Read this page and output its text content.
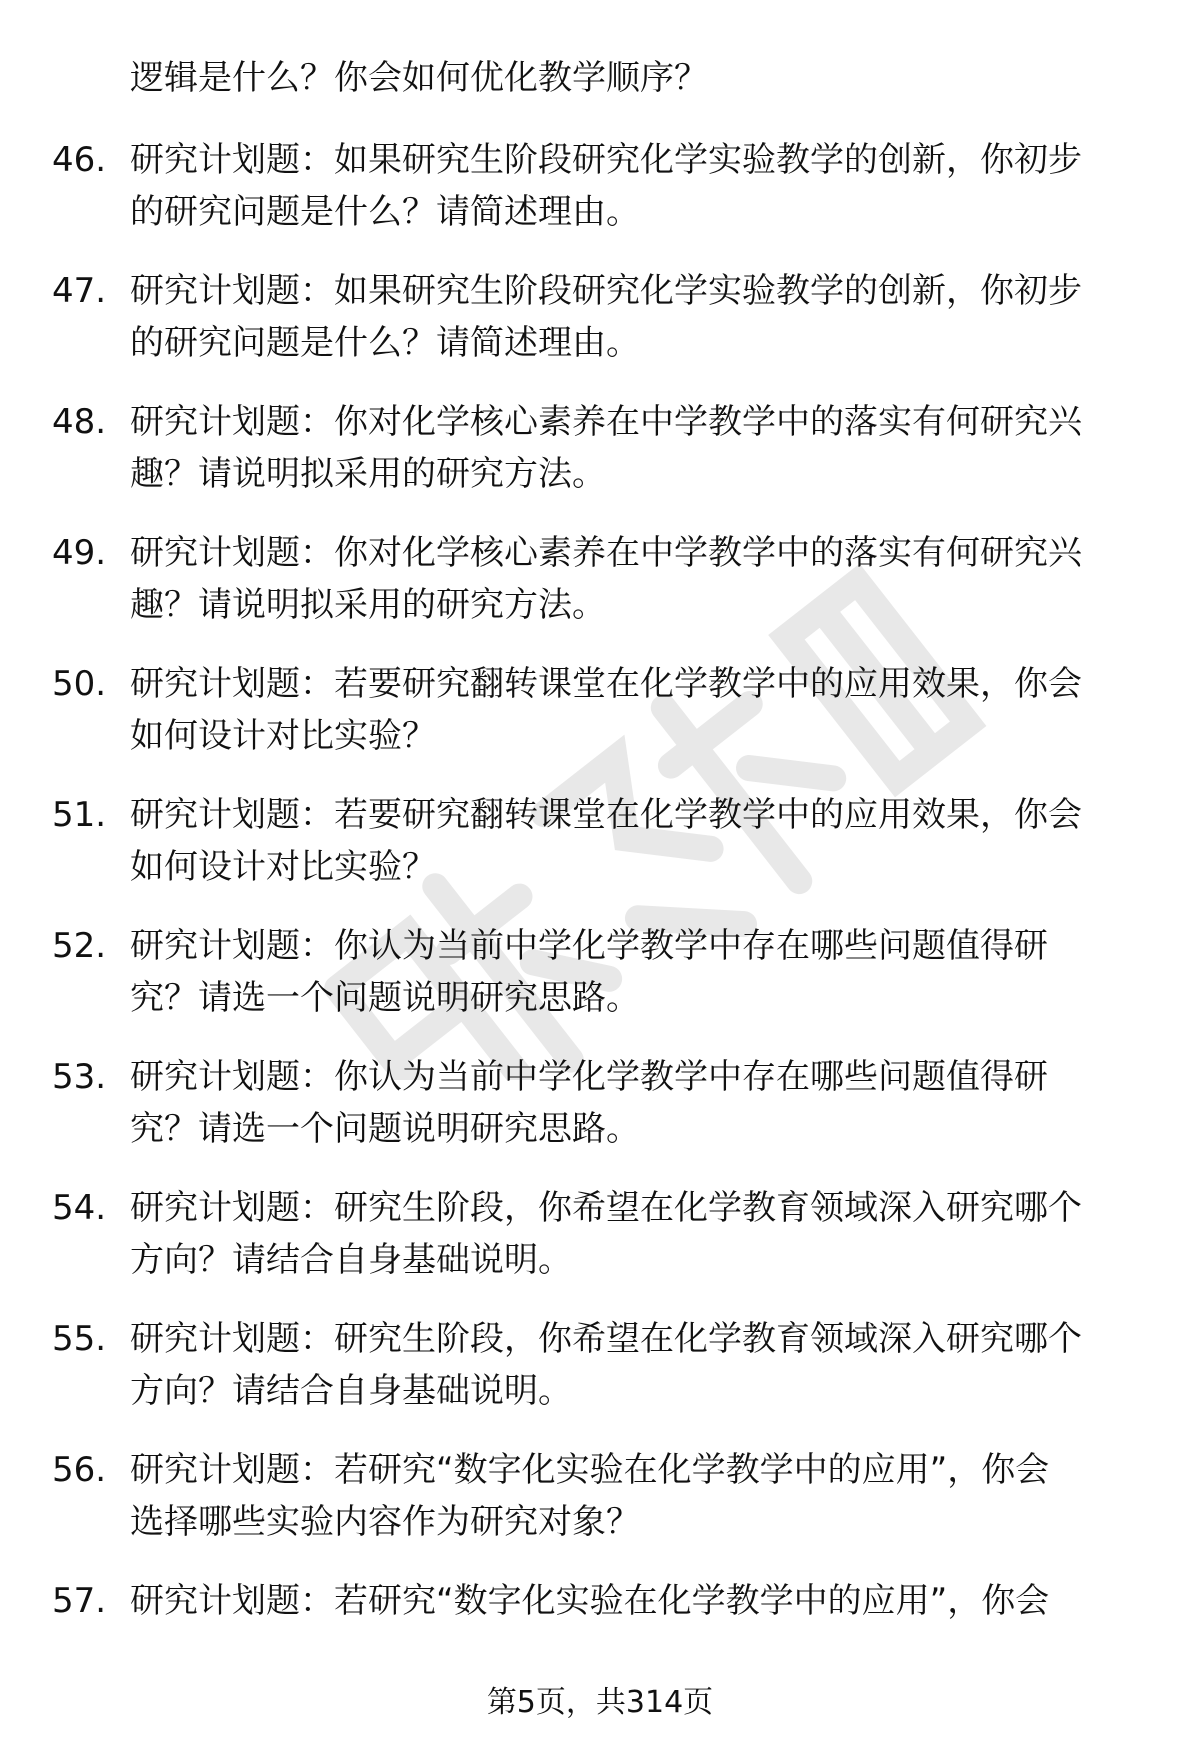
逻辑是什么？你会如何优化教学顺序？
46. 研究计划题：如果研究生阶段研究化学实验教学的创新，你初步
的研究问题是什么？请简述理由。
47. 研究计划题：如果研究生阶段研究化学实验教学的创新，你初步
的研究问题是什么？请简述理由。
48. 研究计划题：你对化学核心素养在中学教学中的落实有何研究兴
趣？请说明拟采用的研究方法。
49. 研究计划题：你对化学核心素养在中学教学中的落实有何研究兴
趣？请说明拟采用的研究方法。
50. 研究计划题：若要研究翻转课堂在化学教学中的应用效果，你会
如何设计对比实验？
51. 研究计划题：若要研究翻转课堂在化学教学中的应用效果，你会
如何设计对比实验？
52. 研究计划题：你认为当前中学化学教学中存在哪些问题值得研
究？请选一个问题说明研究思路。
53. 研究计划题：你认为当前中学化学教学中存在哪些问题值得研
究？请选一个问题说明研究思路。
54. 研究计划题：研究生阶段，你希望在化学教育领域深入研究哪个
方向？请结合自身基础说明。
55. 研究计划题：研究生阶段，你希望在化学教育领域深入研究哪个
方向？请结合自身基础说明。
56. 研究计划题：若研究“数字化实验在化学教学中的应用”，你会
选择哪些实验内容作为研究对象？
57. 研究计划题：若研究“数字化实验在化学教学中的应用”，你会
第5页，共314页
